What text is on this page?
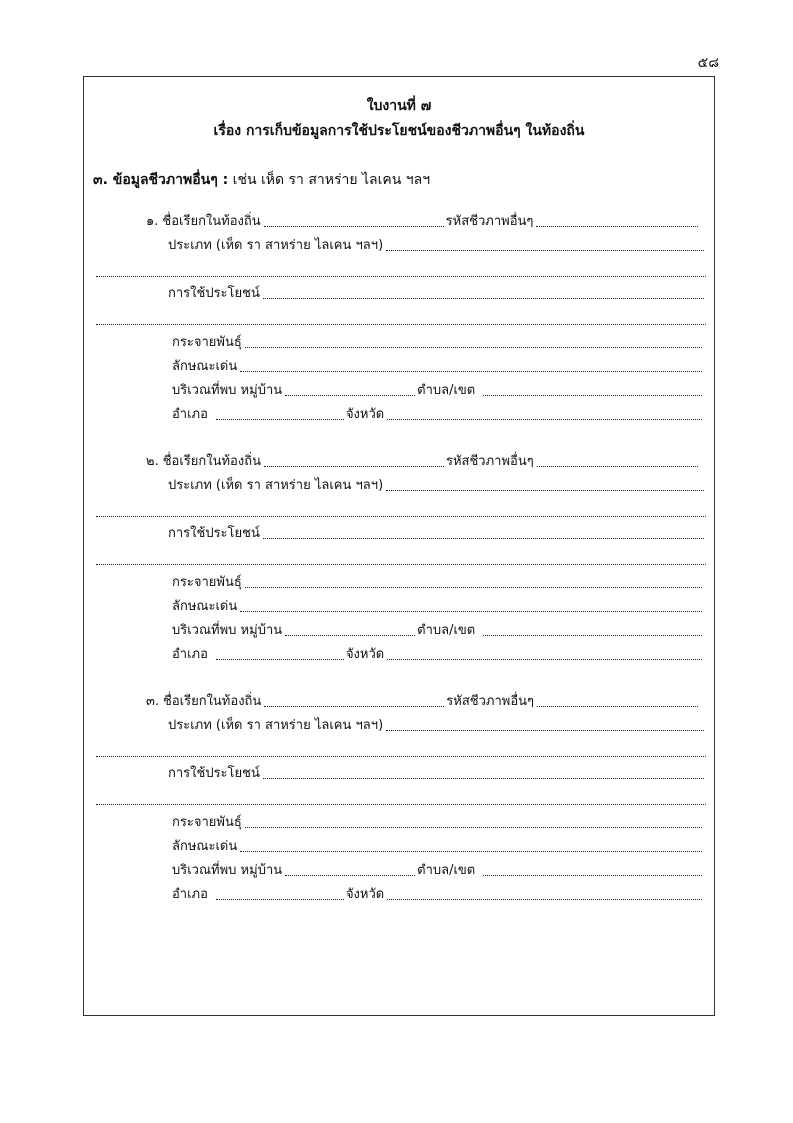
๕๘
ใบงานที่ ๗
เรื่อง การเก็บข้อมูลการใช้ประโยชน์ของชีวภาพอื่นๆ ในท้องถิ่น
๓. ข้อมูลชีวภาพอื่นๆ : เช่น เห็ด รา สาหร่าย ไลเคน ฯลฯ
๑. ชื่อเรียกในท้องถิ่น	รหัสชีวภาพอื่นๆ
ประเภท (เห็ด รา สาหร่าย ไลเคน ฯลฯ)
การใช้ประโยชน์
กระจายพันธุ์
ลักษณะเด่น
บริเวณที่พบ หมู่บ้าน	ตำบล/เขต
อำเภอ	จังหวัด
๒. ชื่อเรียกในท้องถิ่น	รหัสชีวภาพอื่นๆ
ประเภท (เห็ด รา สาหร่าย ไลเคน ฯลฯ)
การใช้ประโยชน์
กระจายพันธุ์
ลักษณะเด่น
บริเวณที่พบ หมู่บ้าน	ตำบล/เขต
อำเภอ	จังหวัด
๓. ชื่อเรียกในท้องถิ่น	รหัสชีวภาพอื่นๆ
ประเภท (เห็ด รา สาหร่าย ไลเคน ฯลฯ)
การใช้ประโยชน์
กระจายพันธุ์
ลักษณะเด่น
บริเวณที่พบ หมู่บ้าน	ตำบล/เขต
อำเภอ	จังหวัด
